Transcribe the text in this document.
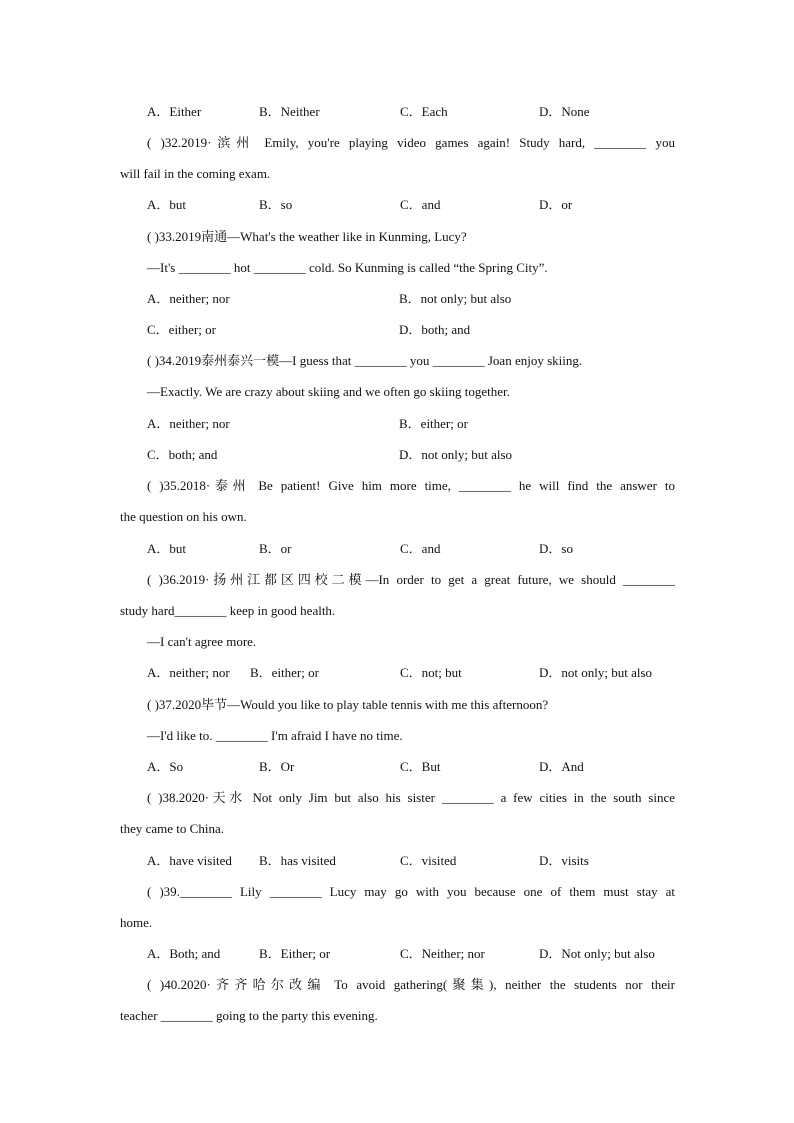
A．Either	B．Neither	C．Each	D．None
( )32.2019·滨州 Emily, you're playing video games again! Study hard, ________ you
will fail in the coming exam.
A．but	B．so	C．and	D．or
( )33.2019南通—What's the weather like in Kunming, Lucy?
—It's ________ hot ________ cold. So Kunming is called “the Spring City”.
A．neither; nor	B．not only; but also
C．either; or	D．both; and
( )34.2019泰州泰兴一模—I guess that ________ you ________ Joan enjoy skiing.
—Exactly. We are crazy about skiing and we often go skiing together.
A．neither; nor	B．either; or
C．both; and	D．not only; but also
( )35.2018·泰州 Be patient! Give him more time, ________ he will find the answer to
the question on his own.
A．but	B．or	C．and	D．so
( )36.2019·扬州江都区四校二模—In order to get a great future, we should ________
study hard________ keep in good health.
—I can't agree more.
A．neither; nor B．either; or	C．not; but	D．not only; but also
( )37.2020毕节—Would you like to play table tennis with me this afternoon?
—I'd like to. ________ I'm afraid I have no time.
A．So	B．Or	C．But	D．And
( )38.2020·天水 Not only Jim but also his sister ________ a few cities in the south since
they came to China.
A．have visited B．has visited	C．visited	D．visits
( )39.________ Lily ________ Lucy may go with you because one of them must stay at
home.
A．Both; and	B．Either; or	C．Neither; nor	D．Not only; but also
( )40.2020·齐齐哈尔改编 To avoid gathering(聚集), neither the students nor their
teacher ________ going to the party this evening.
